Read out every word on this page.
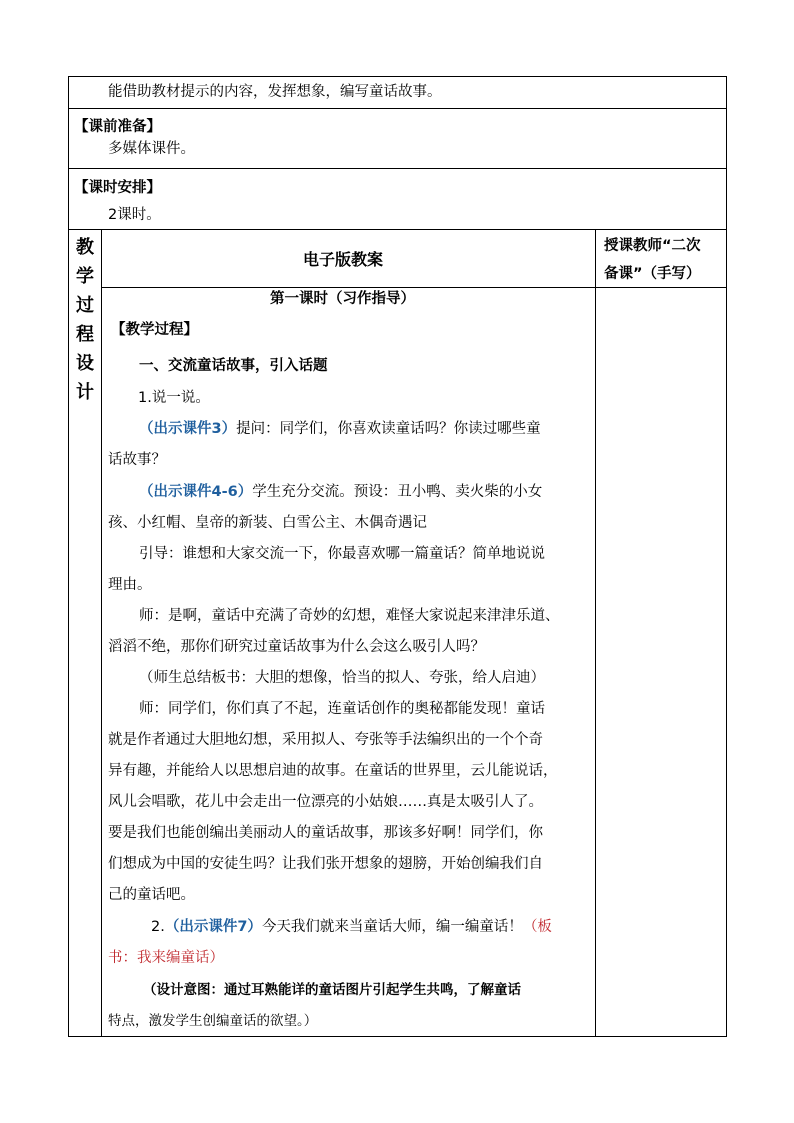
能借助教材提示的内容，发挥想象，编写童话故事。
【课前准备】
多媒体课件。
【课时安排】
2课时。
教
学
过
程
设
计
电子版教案
授课教师“二次
备课”（手写）
第一课时（习作指导）
【教学过程】
一、交流童话故事，引入话题
1.说一说。
（出示课件3）提问：同学们，你喜欢读童话吗？你读过哪些童
话故事？
（出示课件4-6）学生充分交流。预设：丑小鸭、卖火柴的小女
孩、小红帽、皇帝的新装、白雪公主、木偶奇遇记
引导：谁想和大家交流一下，你最喜欢哪一篇童话？简单地说说
理由。
师：是啊，童话中充满了奇妙的幻想，难怪大家说起来津津乐道、
滔滔不绝，那你们研究过童话故事为什么会这么吸引人吗？
（师生总结板书：大胆的想像，恰当的拟人、夸张，给人启迪）
师：同学们，你们真了不起，连童话创作的奥秘都能发现！童话
就是作者通过大胆地幻想，采用拟人、夸张等手法编织出的一个个奇
异有趣，并能给人以思想启迪的故事。在童话的世界里，云儿能说话，
风儿会唱歌，花儿中会走出一位漂亮的小姑娘……真是太吸引人了。
要是我们也能创编出美丽动人的童话故事，那该多好啊！同学们，你
们想成为中国的安徒生吗？让我们张开想象的翅膀，开始创编我们自
己的童话吧。
2.（出示课件7）今天我们就来当童话大师，编一编童话！（板
书：我来编童话）
（设计意图：通过耳熟能详的童话图片引起学生共鸣，了解童话
特点，激发学生创编童话的欲望。）
